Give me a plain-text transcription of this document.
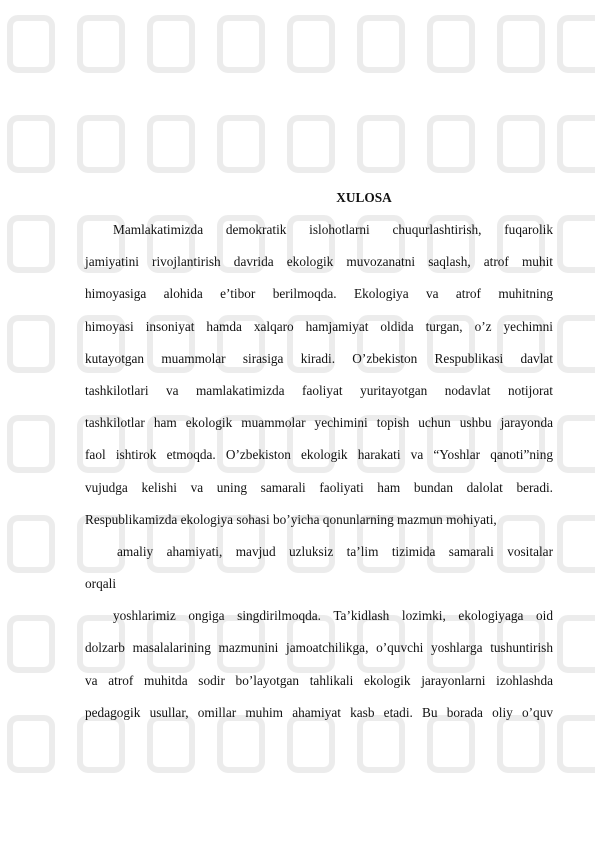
XULOSA
Mamlakatimizda demokratik islohotlarni chuqurlashtirish, fuqarolik
jamiyatini rivojlantirish davrida ekologik muvozanatni saqlash, atrof muhit
himoyasiga alohida e’tibor berilmoqda. Ekologiya va atrof muhitning
himoyasi insoniyat hamda xalqaro hamjamiyat oldida turgan, o’z yechimni
kutayotgan muammolar sirasiga kiradi. O’zbekiston Respublikasi davlat
tashkilotlari va mamlakatimizda faoliyat yuritayotgan nodavlat notijorat
tashkilotlar ham ekologik muammolar yechimini topish uchun ushbu jarayonda
faol ishtirok etmoqda. O’zbekiston ekologik harakati va “Yoshlar qanoti”ning
vujudga kelishi va uning samarali faoliyati ham bundan dalolat beradi.
Respublikamizda ekologiya sohasi bo’yicha qonunlarning mazmun mohiyati,
amaliy ahamiyati, mavjud uzluksiz ta’lim tizimida samarali vositalar
orqali
yoshlarimiz ongiga singdirilmoqda. Ta’kidlash lozimki, ekologiyaga oid
dolzarb masalalarining mazmunini jamoatchilikga, o’quvchi yoshlarga tushuntirish
va atrof muhitda sodir bo’layotgan tahlikali ekologik jarayonlarni izohlashda
pedagogik usullar, omillar muhim ahamiyat kasb etadi. Bu borada oliy o’quv
